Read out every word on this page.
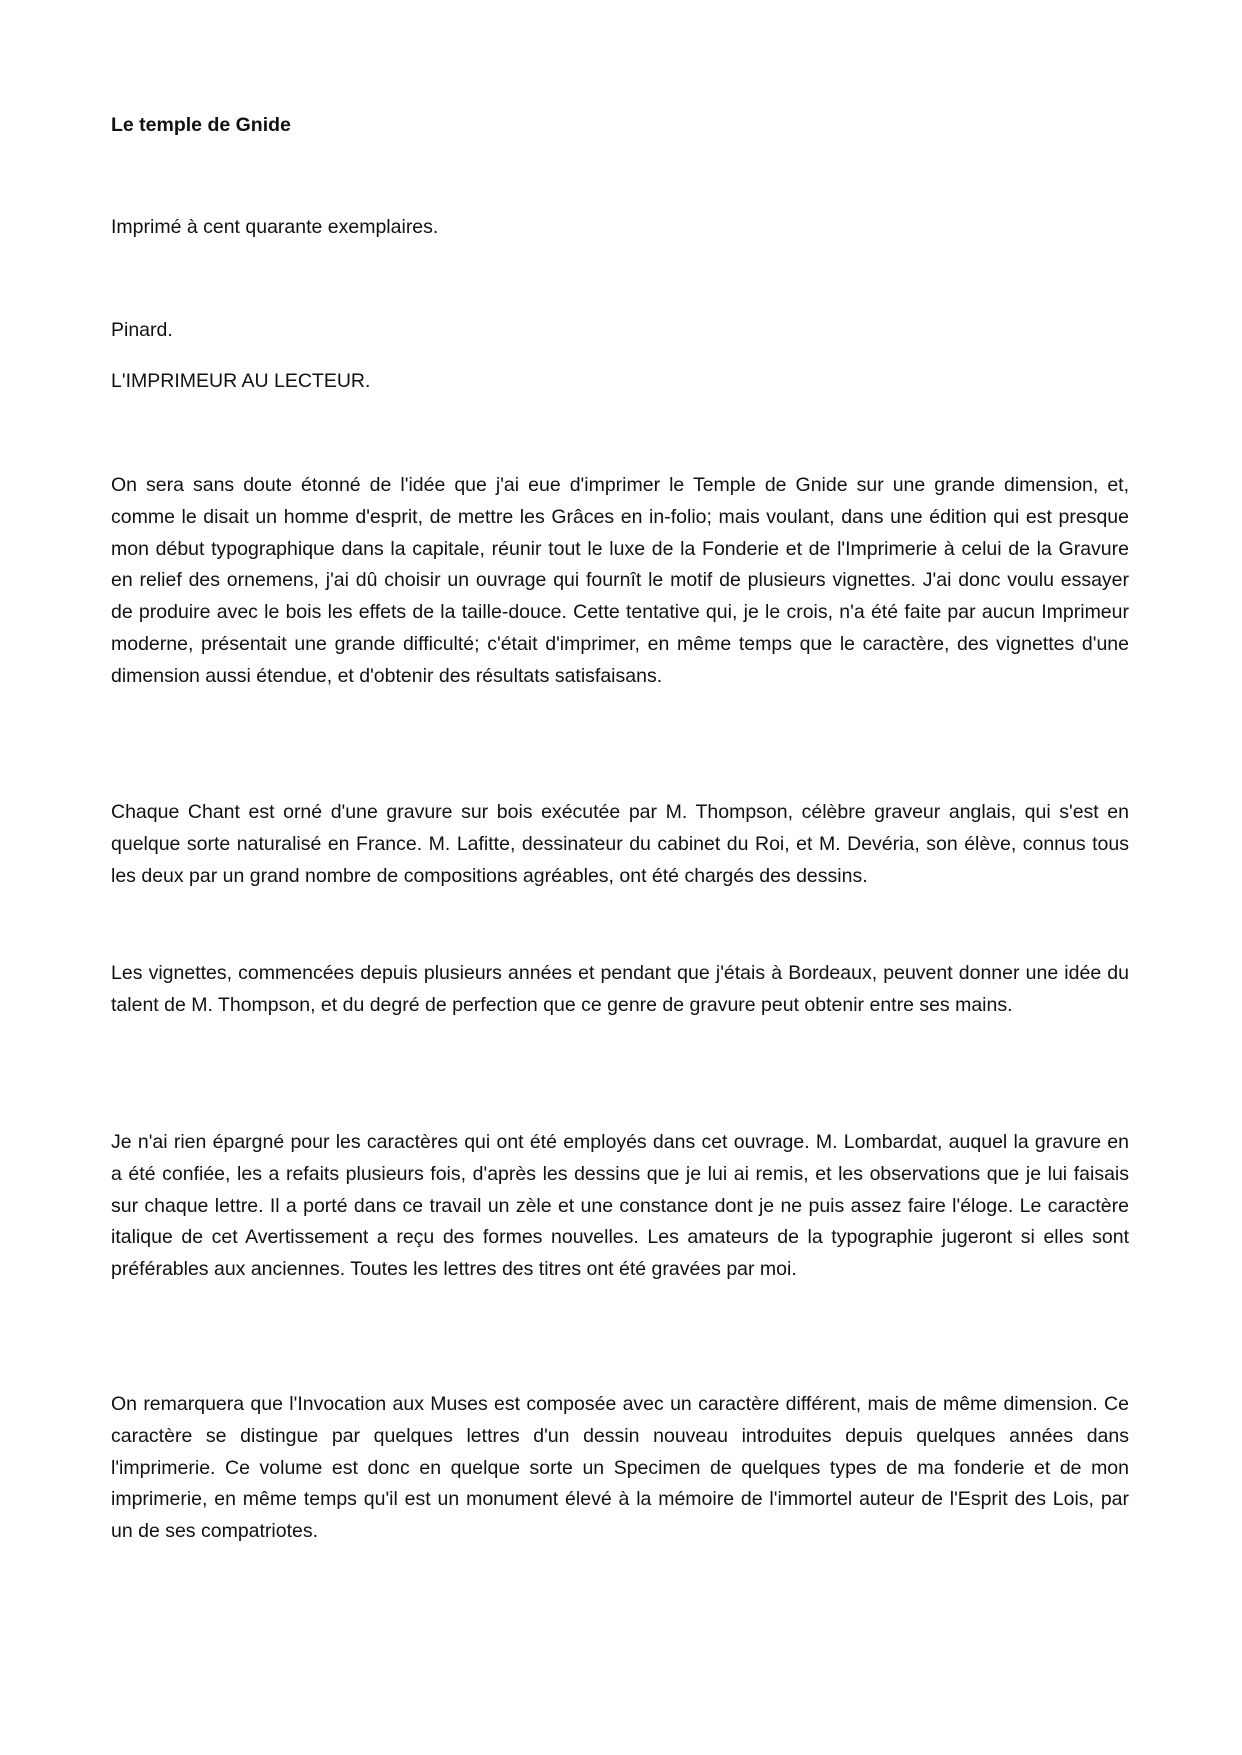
Le temple de Gnide

Imprimé à cent quarante exemplaires.

Pinard.

L'IMPRIMEUR AU LECTEUR.

On sera sans doute étonné de l'idée que j'ai eue d'imprimer le Temple de Gnide sur une grande dimension, et, comme le disait un homme d'esprit, de mettre les Grâces en in-folio; mais voulant, dans une édition qui est presque mon début typographique dans la capitale, réunir tout le luxe de la Fonderie et de l'Imprimerie à celui de la Gravure en relief des ornemens, j'ai dû choisir un ouvrage qui fournît le motif de plusieurs vignettes. J'ai donc voulu essayer de produire avec le bois les effets de la taille-douce. Cette tentative qui, je le crois, n'a été faite par aucun Imprimeur moderne, présentait une grande difficulté; c'était d'imprimer, en même temps que le caractère, des vignettes d'une dimension aussi étendue, et d'obtenir des résultats satisfaisans.

Chaque Chant est orné d'une gravure sur bois exécutée par M. Thompson, célèbre graveur anglais, qui s'est en quelque sorte naturalisé en France. M. Lafitte, dessinateur du cabinet du Roi, et M. Devéria, son élève, connus tous les deux par un grand nombre de compositions agréables, ont été chargés des dessins.

Les vignettes, commencées depuis plusieurs années et pendant que j'étais à Bordeaux, peuvent donner une idée du talent de M. Thompson, et du degré de perfection que ce genre de gravure peut obtenir entre ses mains.

Je n'ai rien épargné pour les caractères qui ont été employés dans cet ouvrage. M. Lombardat, auquel la gravure en a été confiée, les a refaits plusieurs fois, d'après les dessins que je lui ai remis, et les observations que je lui faisais sur chaque lettre. Il a porté dans ce travail un zèle et une constance dont je ne puis assez faire l'éloge. Le caractère italique de cet Avertissement a reçu des formes nouvelles. Les amateurs de la typographie jugeront si elles sont préférables aux anciennes. Toutes les lettres des titres ont été gravées par moi.

On remarquera que l'Invocation aux Muses est composée avec un caractère différent, mais de même dimension. Ce caractère se distingue par quelques lettres d'un dessin nouveau introduites depuis quelques années dans l'imprimerie. Ce volume est donc en quelque sorte un Specimen de quelques types de ma fonderie et de mon imprimerie, en même temps qu'il est un monument élevé à la mémoire de l'immortel auteur de l'Esprit des Lois, par un de ses compatriotes.
